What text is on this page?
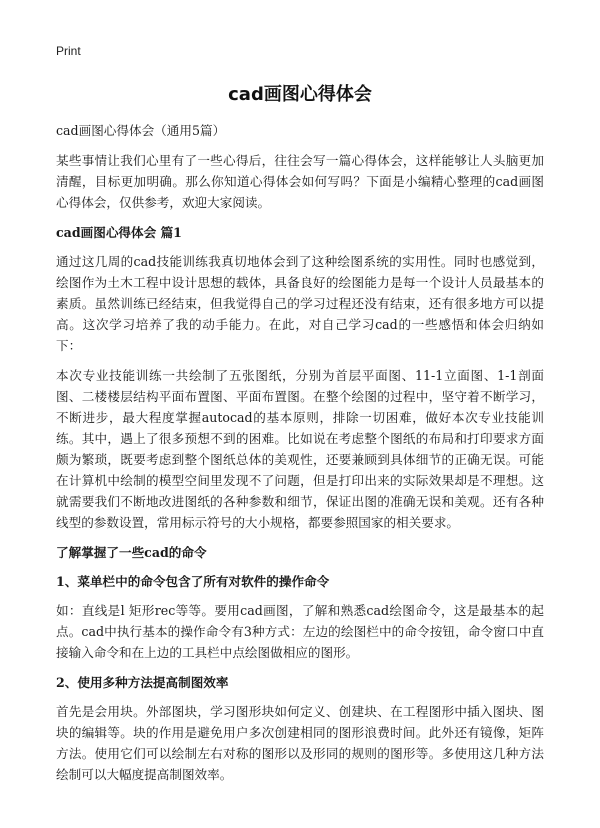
Print
cad画图心得体会

cad画图心得体会（通用5篇）

某些事情让我们心里有了一些心得后，往往会写一篇心得体会，这样能够让人头脑更加清醒，目标更加明确。那么你知道心得体会如何写吗？下面是小编精心整理的cad画图心得体会，仅供参考，欢迎大家阅读。

cad画图心得体会 篇1

通过这几周的cad技能训练我真切地体会到了这种绘图系统的实用性。同时也感觉到，绘图作为土木工程中设计思想的载体，具备良好的绘图能力是每一个设计人员最基本的素质。虽然训练已经结束，但我觉得自己的学习过程还没有结束，还有很多地方可以提高。这次学习培养了我的动手能力。在此，对自己学习cad的一些感悟和体会归纳如下：

本次专业技能训练一共绘制了五张图纸，分别为首层平面图、11-1立面图、1-1剖面图、二楼楼层结构平面布置图、平面布置图。在整个绘图的过程中，坚守着不断学习，不断进步，最大程度掌握autocad的基本原则，排除一切困难，做好本次专业技能训练。其中，遇上了很多预想不到的困难。比如说在考虑整个图纸的布局和打印要求方面颇为繁琐，既要考虑到整个图纸总体的美观性，还要兼顾到具体细节的正确无误。可能在计算机中绘制的模型空间里发现不了问题，但是打印出来的实际效果却是不理想。这就需要我们不断地改进图纸的各种参数和细节，保证出图的准确无误和美观。还有各种线型的参数设置，常用标示符号的大小规格，都要参照国家的相关要求。

了解掌握了一些cad的命令

1、菜单栏中的命令包含了所有对软件的操作命令

如：直线是l 矩形rec等等。要用cad画图，了解和熟悉cad绘图命令，这是最基本的起点。cad中执行基本的操作命令有3种方式：左边的绘图栏中的命令按钮，命令窗口中直接输入命令和在上边的工具栏中点绘图做相应的图形。

2、使用多种方法提高制图效率

首先是会用块。外部图块，学习图形块如何定义、创建块、在工程图形中插入图块、图块的编辑等。块的作用是避免用户多次创建相同的图形浪费时间。此外还有镜像，矩阵方法。使用它们可以绘制左右对称的图形以及形同的规则的图形等。多使用这几种方法绘制可以大幅度提高制图效率。
